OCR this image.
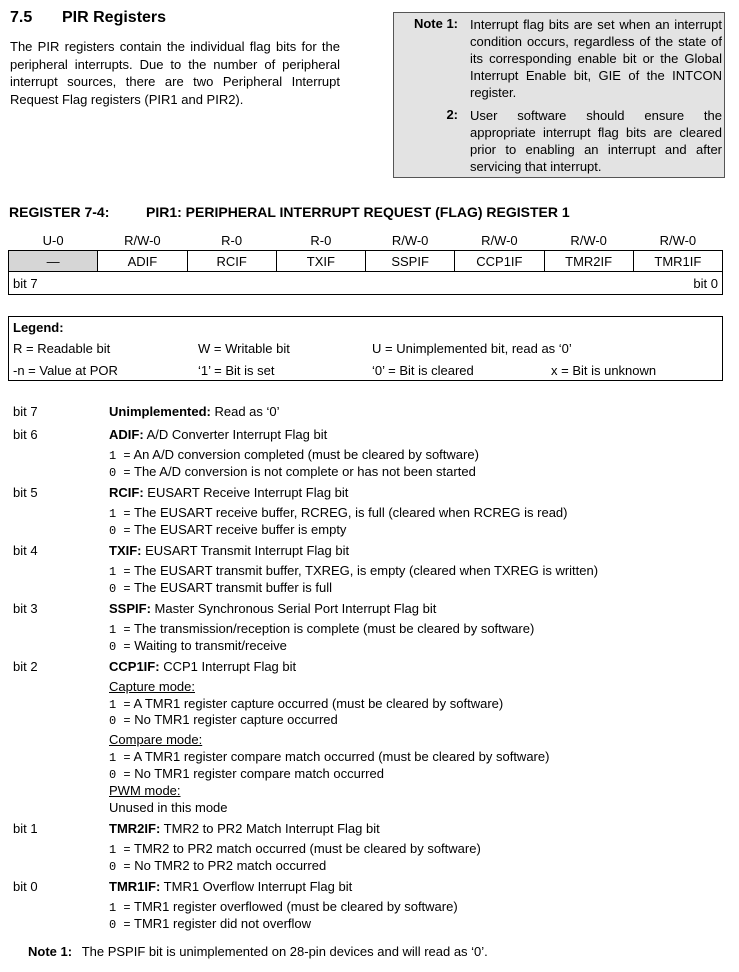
7.5 PIR Registers
The PIR registers contain the individual flag bits for the peripheral interrupts. Due to the number of peripheral interrupt sources, there are two Peripheral Interrupt Request Flag registers (PIR1 and PIR2).
Note 1: Interrupt flag bits are set when an interrupt condition occurs, regardless of the state of its corresponding enable bit or the Global Interrupt Enable bit, GIE of the INTCON register.
2: User software should ensure the appropriate interrupt flag bits are cleared prior to enabling an interrupt and after servicing that interrupt.
REGISTER 7-4:	PIR1: PERIPHERAL INTERRUPT REQUEST (FLAG) REGISTER 1
U-0	R/W-0	R-0	R-0	R/W-0	R/W-0	R/W-0	R/W-0
—	ADIF	RCIF	TXIF	SSPIF	CCP1IF	TMR2IF	TMR1IF
bit 7 bit 0							
Legend:
R = Readable bit	W = Writable bit	U = Unimplemented bit, read as ‘0’
-n = Value at POR	‘1’ = Bit is set	‘0’ = Bit is cleared	x = Bit is unknown
bit 7	Unimplemented: Read as ‘0’
bit 6	ADIF: A/D Converter Interrupt Flag bit
1 = An A/D conversion completed (must be cleared by software)
0 = The A/D conversion is not complete or has not been started
bit 5	RCIF: EUSART Receive Interrupt Flag bit
1 = The EUSART receive buffer, RCREG, is full (cleared when RCREG is read)
0 = The EUSART receive buffer is empty
bit 4	TXIF: EUSART Transmit Interrupt Flag bit
1 = The EUSART transmit buffer, TXREG, is empty (cleared when TXREG is written)
0 = The EUSART transmit buffer is full
bit 3	SSPIF: Master Synchronous Serial Port Interrupt Flag bit
1 = The transmission/reception is complete (must be cleared by software)
0 = Waiting to transmit/receive
bit 2	CCP1IF: CCP1 Interrupt Flag bit
Capture mode:
1 = A TMR1 register capture occurred (must be cleared by software)
0 = No TMR1 register capture occurred
Compare mode:
1 = A TMR1 register compare match occurred (must be cleared by software)
0 = No TMR1 register compare match occurred
PWM mode:
Unused in this mode
bit 1	TMR2IF: TMR2 to PR2 Match Interrupt Flag bit
1 = TMR2 to PR2 match occurred (must be cleared by software)
0 = No TMR2 to PR2 match occurred
bit 0	TMR1IF: TMR1 Overflow Interrupt Flag bit
1 = TMR1 register overflowed (must be cleared by software)
0 = TMR1 register did not overflow
Note 1: The PSPIF bit is unimplemented on 28-pin devices and will read as ‘0’.
